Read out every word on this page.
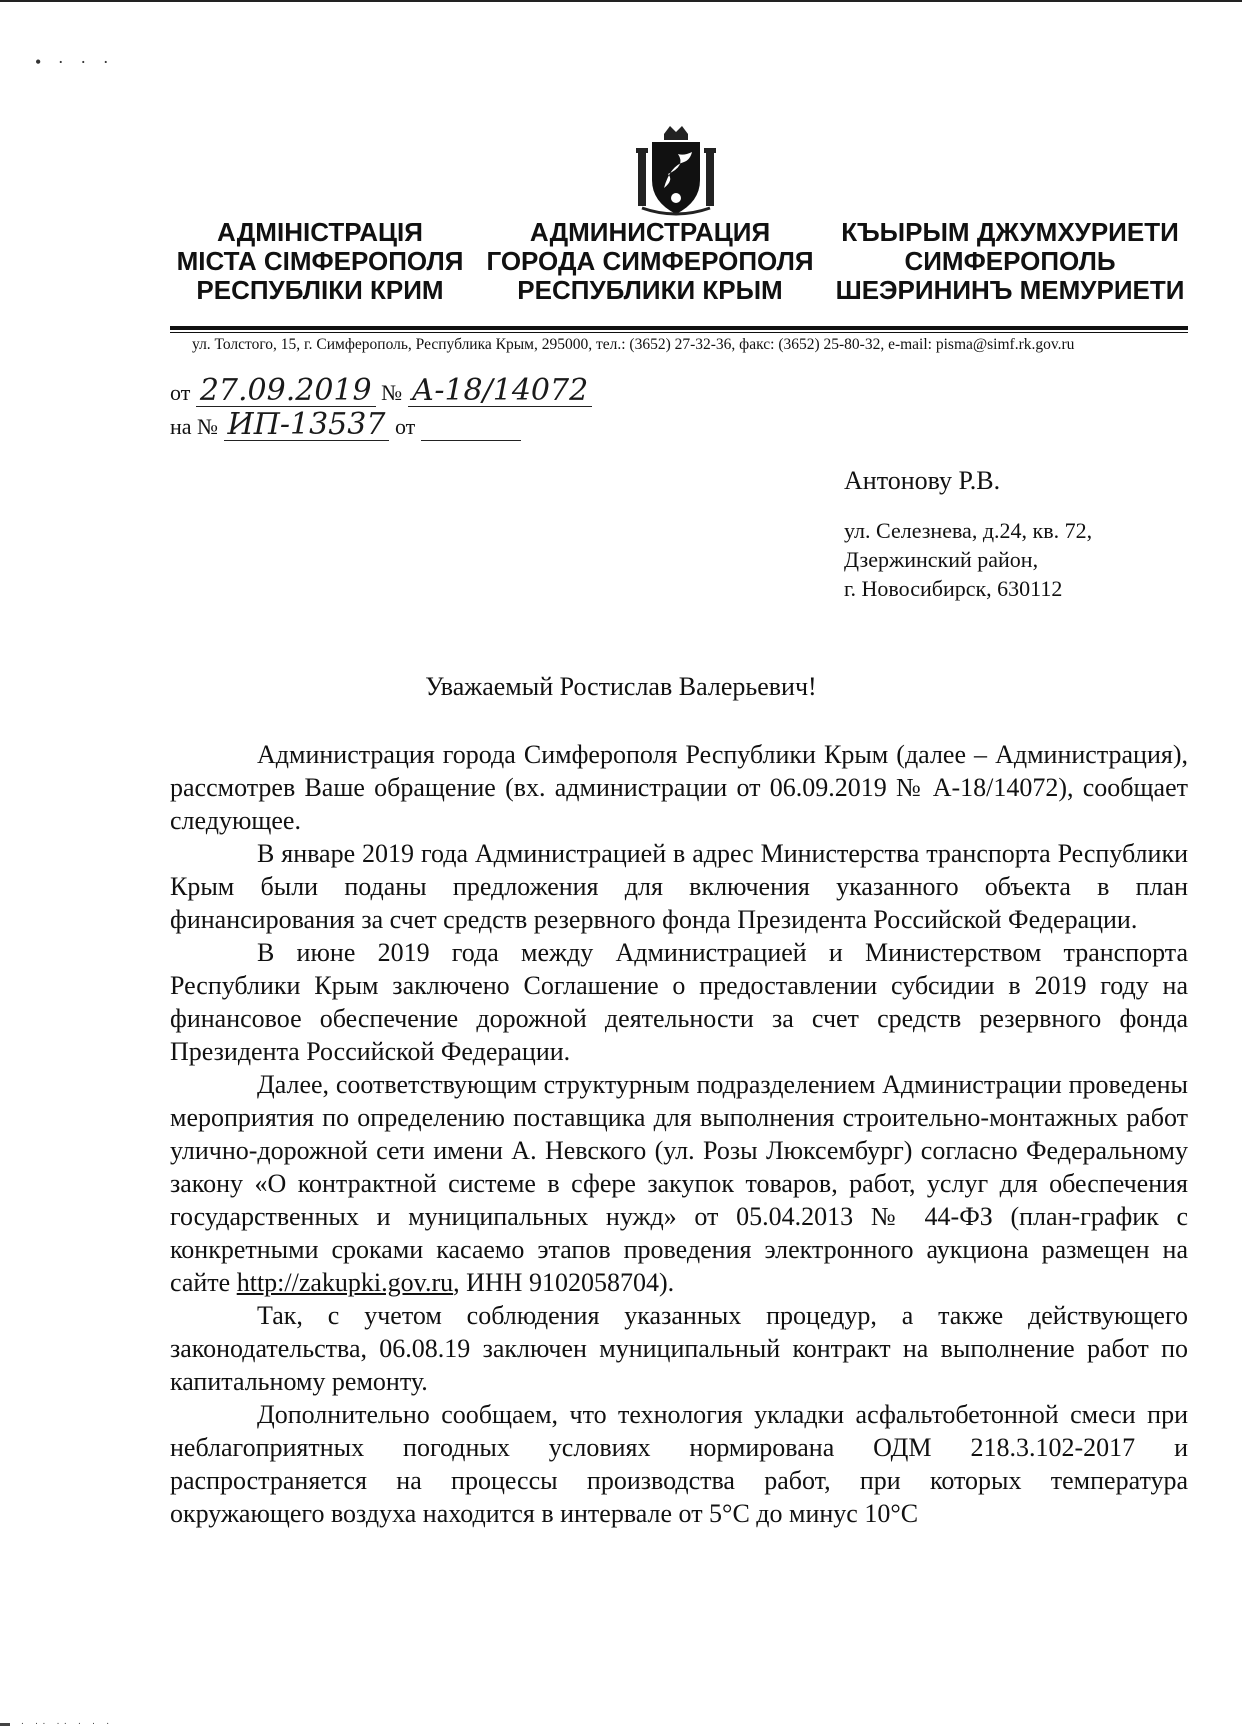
• · · ·
АДМІНІСТРАЦІЯ
МІСТА СІМФЕРОПОЛЯ
РЕСПУБЛІКИ КРИМ
АДМИНИСТРАЦИЯ
ГОРОДА СИМФЕРОПОЛЯ
РЕСПУБЛИКИ КРЫМ
КЪЫРЫМ ДЖУМХУРИЕТИ
СИМФЕРОПОЛЬ
ШЕЭРИНИНЪ МЕМУРИЕТИ
ул. Толстого, 15, г. Симферополь, Республика Крым, 295000, тел.: (3652) 27-32-36, факс: (3652) 25-80-32, e-mail: pisma@simf.rk.gov.ru
от 27.09.2019 № А-18/14072
на № ИП-13537 от
Антонову Р.В.
ул. Селезнева, д.24, кв. 72,
Дзержинский район,
г. Новосибирск, 630112
Уважаемый Ростислав Валерьевич!

Администрация города Симферополя Республики Крым (далее – Администрация), рассмотрев Ваше обращение (вх. администрации от 06.09.2019 № А-18/14072), сообщает следующее.

В январе 2019 года Администрацией в адрес Министерства транспорта Республики Крым были поданы предложения для включения указанного объекта в план финансирования за счет средств резервного фонда Президента Российской Федерации.

В июне 2019 года между Администрацией и Министерством транспорта Республики Крым заключено Соглашение о предоставлении субсидии в 2019 году на финансовое обеспечение дорожной деятельности за счет средств резервного фонда Президента Российской Федерации.

Далее, соответствующим структурным подразделением Администрации проведены мероприятия по определению поставщика для выполнения строительно-монтажных работ улично-дорожной сети имени А. Невского (ул. Розы Люксембург) согласно Федеральному закону «О контрактной системе в сфере закупок товаров, работ, услуг для обеспечения государственных и муниципальных нужд» от 05.04.2013 № 44-ФЗ (план-график с конкретными сроками касаемо этапов проведения электронного аукциона размещен на сайте http://zakupki.gov.ru, ИНН 9102058704).

Так, с учетом соблюдения указанных процедур, а также действующего законодательства, 06.08.19 заключен муниципальный контракт на выполнение работ по капитальному ремонту.

Дополнительно сообщаем, что технология укладки асфальтобетонной смеси при неблагоприятных погодных условиях нормирована ОДМ 218.3.102-2017 и распространяется на процессы производства работ, при которых температура окружающего воздуха находится в интервале от 5°С до минус 10°С

▬ · ·· ·· · · ·
